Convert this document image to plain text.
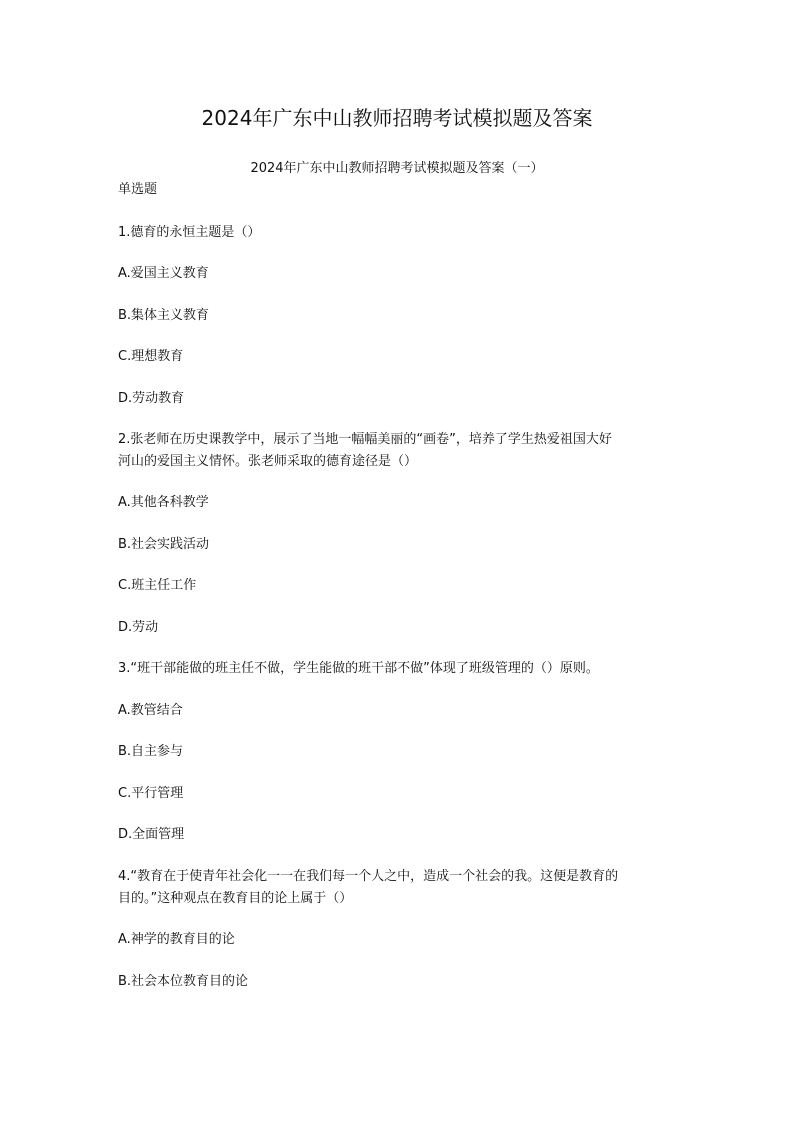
2024年广东中山教师招聘考试模拟题及答案
2024年广东中山教师招聘考试模拟题及答案（一）
单选题
1.德育的永恒主题是（）
A.爱国主义教育
B.集体主义教育
C.理想教育
D.劳动教育
2.张老师在历史课教学中，展示了当地一幅幅美丽的“画卷”，培养了学生热爱祖国大好
河山的爱国主义情怀。张老师采取的德育途径是（）
A.其他各科教学
B.社会实践活动
C.班主任工作
D.劳动
3.“班干部能做的班主任不做，学生能做的班干部不做”体现了班级管理的（）原则。
A.教管结合
B.自主参与
C.平行管理
D.全面管理
4.“教育在于使青年社会化一一在我们每一个人之中，造成一个社会的我。这便是教育的
目的。”这种观点在教育目的论上属于（）
A.神学的教育目的论
B.社会本位教育目的论
